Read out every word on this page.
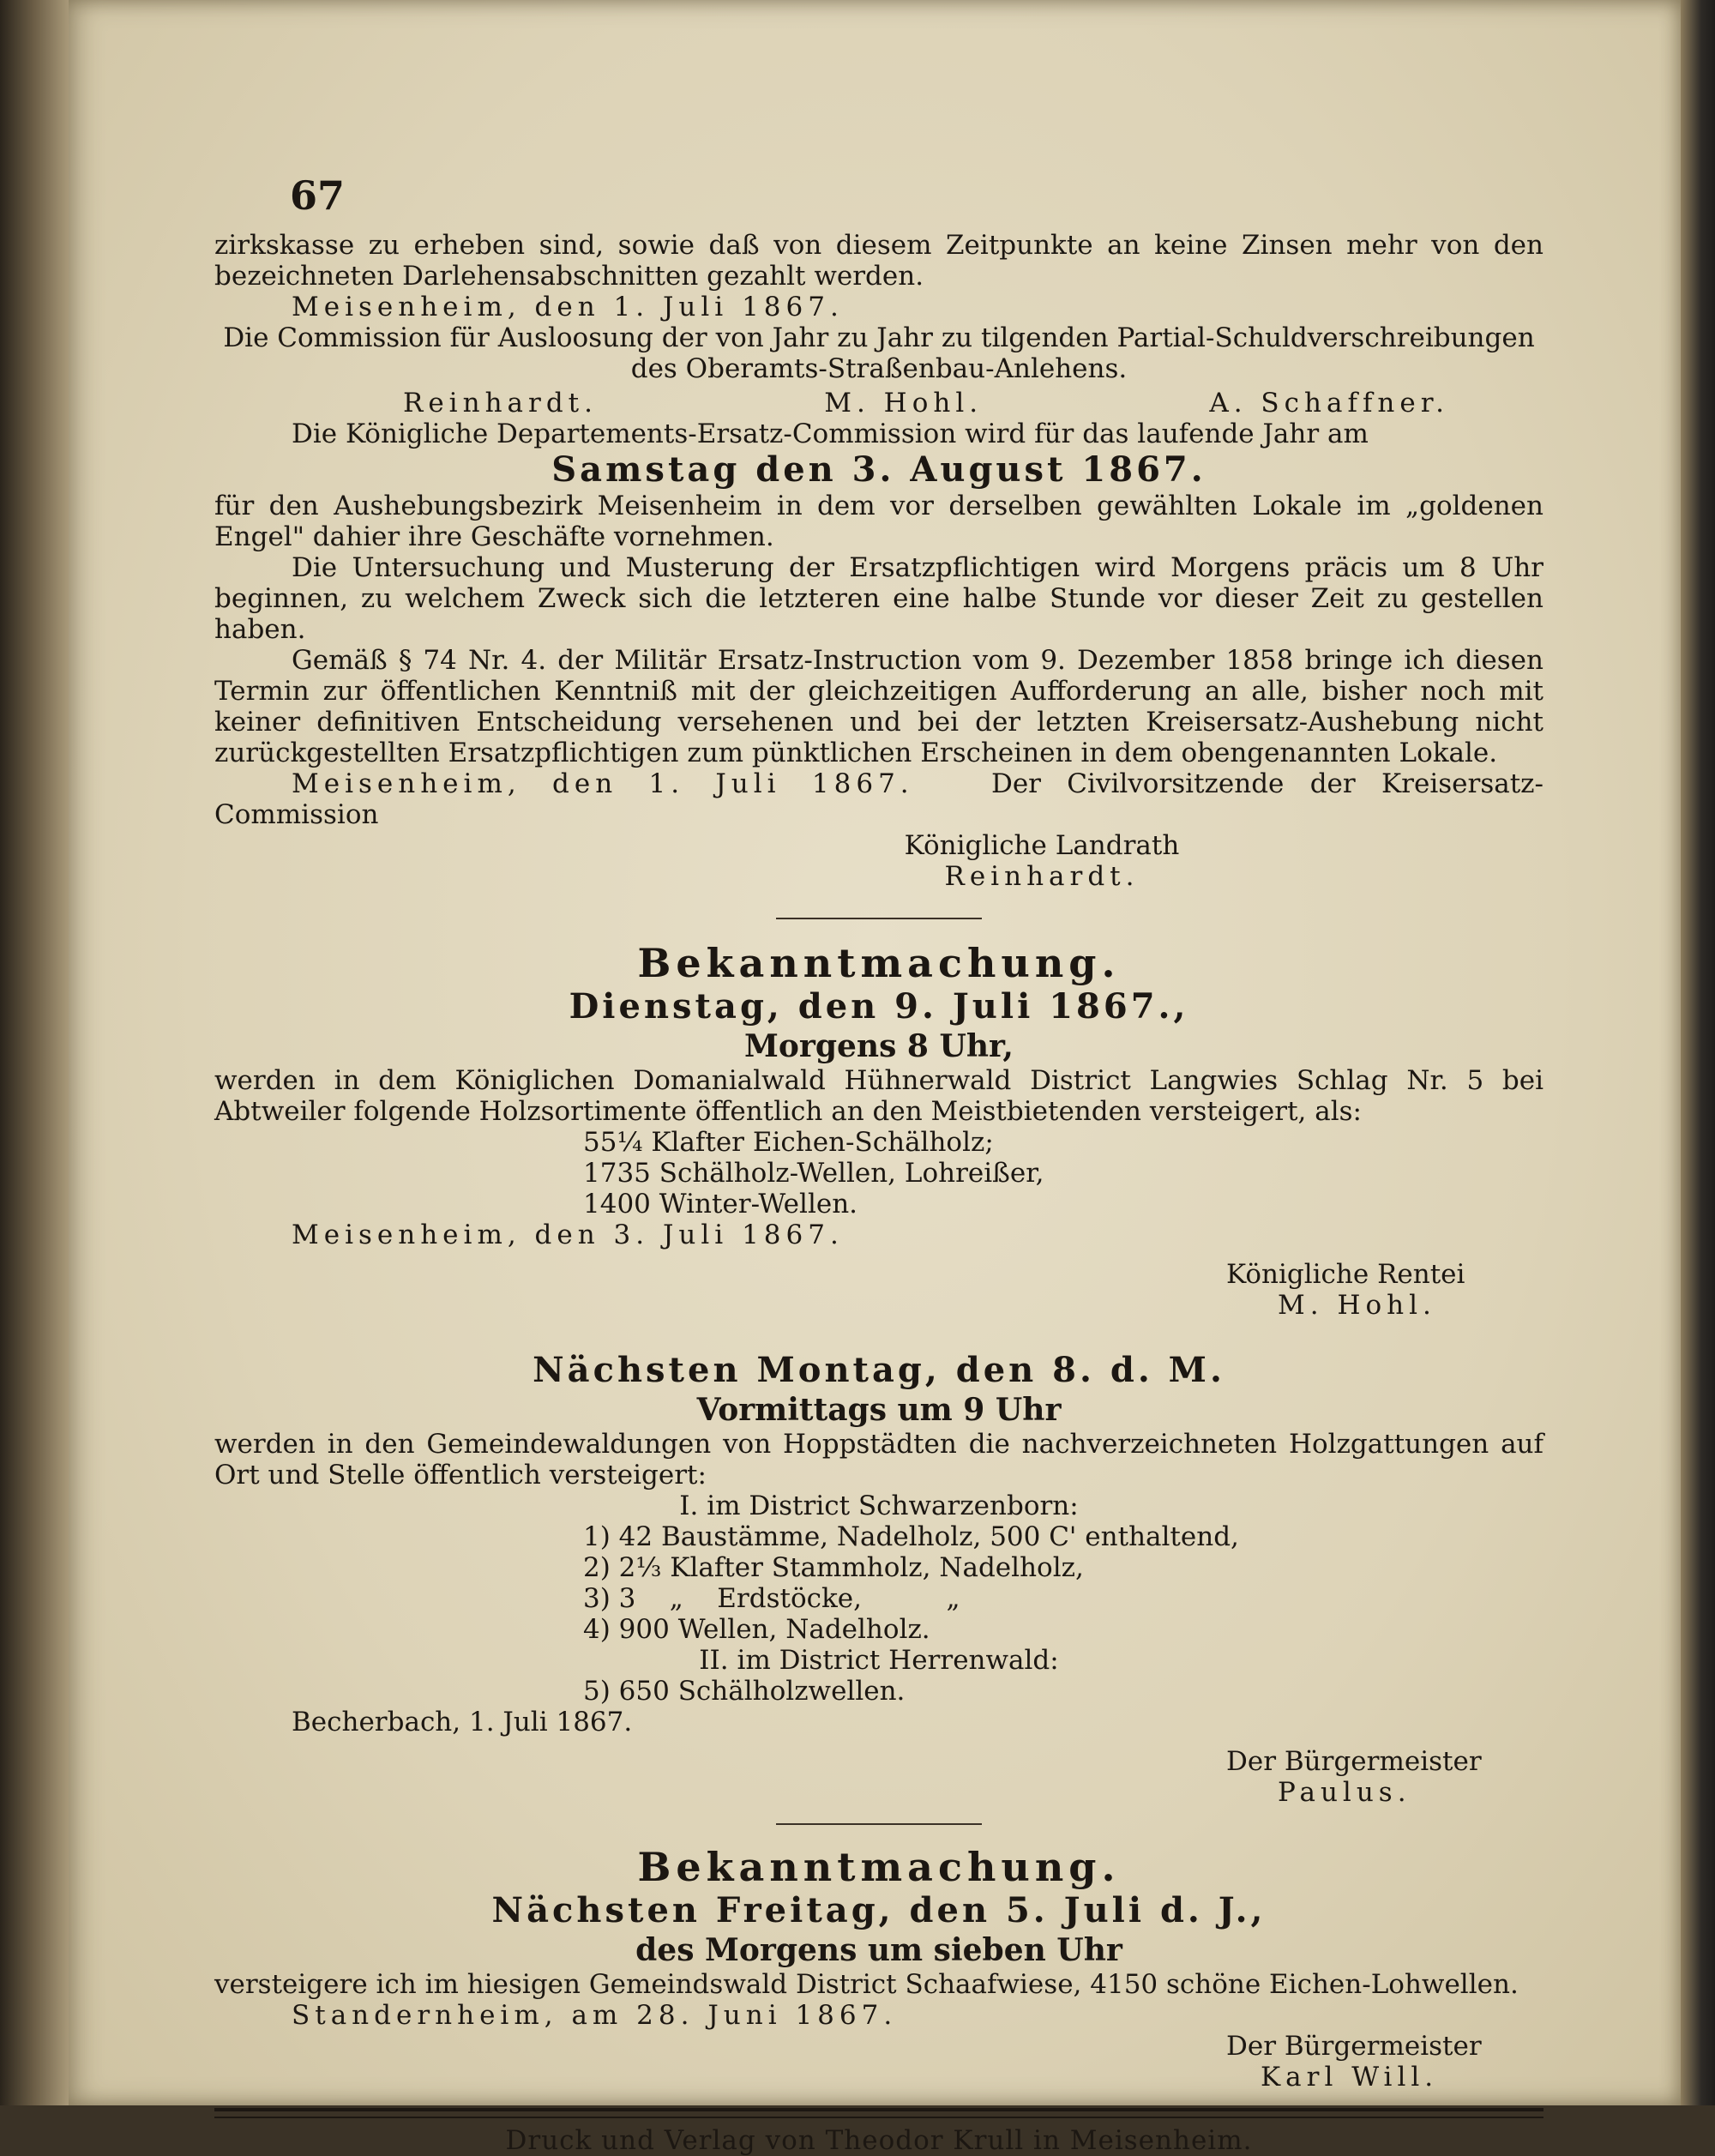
67

zirkskasse zu erheben sind, sowie daß von diesem Zeitpunkte an keine Zinsen mehr von den bezeichneten Darlehensabschnitten gezahlt werden.

Meisenheim, den 1. Juli 1867.

Die Commission für Ausloosung der von Jahr zu Jahr zu tilgenden Partial-Schuldverschreibungen des Oberamts-Straßenbau-Anlehens.

Reinhardt.	M. Hohl.	A. Schaffner.

Die Königliche Departements-Ersatz-Commission wird für das laufende Jahr am

Samstag den 3. August 1867.

für den Aushebungsbezirk Meisenheim in dem vor derselben gewählten Lokale im „goldenen Engel" dahier ihre Geschäfte vornehmen.

Die Untersuchung und Musterung der Ersatzpflichtigen wird Morgens präcis um 8 Uhr beginnen, zu welchem Zweck sich die letzteren eine halbe Stunde vor dieser Zeit zu gestellen haben.

Gemäß § 74 Nr. 4. der Militär Ersatz-Instruction vom 9. Dezember 1858 bringe ich diesen Termin zur öffentlichen Kenntniß mit der gleichzeitigen Aufforderung an alle, bisher noch mit keiner definitiven Entscheidung versehenen und bei der letzten Kreisersatz-Aushebung nicht zurückgestellten Ersatzpflichtigen zum pünktlichen Erscheinen in dem obengenannten Lokale.

Meisenheim, den 1. Juli 1867.	Der Civilvorsitzende der Kreisersatz-Commission

Königliche Landrath

Reinhardt.

Bekanntmachung.
Dienstag, den 9. Juli 1867.,
Morgens 8 Uhr,

werden in dem Königlichen Domanialwald Hühnerwald District Langwies Schlag Nr. 5 bei Abtweiler folgende Holzsortimente öffentlich an den Meistbietenden versteigert, als:

55¼ Klafter Eichen-Schälholz;
1735 Schälholz-Wellen, Lohreißer,
1400 Winter-Wellen.

Meisenheim, den 3. Juli 1867.

Königliche Rentei

M. Hohl.

Nächsten Montag, den 8. d. M.
Vormittags um 9 Uhr

werden in den Gemeindewaldungen von Hoppstädten die nachverzeichneten Holzgattungen auf Ort und Stelle öffentlich versteigert:

I. im District Schwarzenborn:
1) 42 Baustämme, Nadelholz, 500 C' enthaltend,
2) 2⅓ Klafter Stammholz, Nadelholz,
3) 3    „    Erdstöcke,          „
4) 900 Wellen, Nadelholz.
II. im District Herrenwald:
5) 650 Schälholzwellen.

Becherbach, 1. Juli 1867.

Der Bürgermeister

Paulus.

Bekanntmachung.
Nächsten Freitag, den 5. Juli d. J.,
des Morgens um sieben Uhr

versteigere ich im hiesigen Gemeindswald District Schaafwiese, 4150 schöne Eichen-Lohwellen.

Standernheim, am 28. Juni 1867.

Der Bürgermeister

Karl Will.

Druck und Verlag von Theodor Krull in Meisenheim.
